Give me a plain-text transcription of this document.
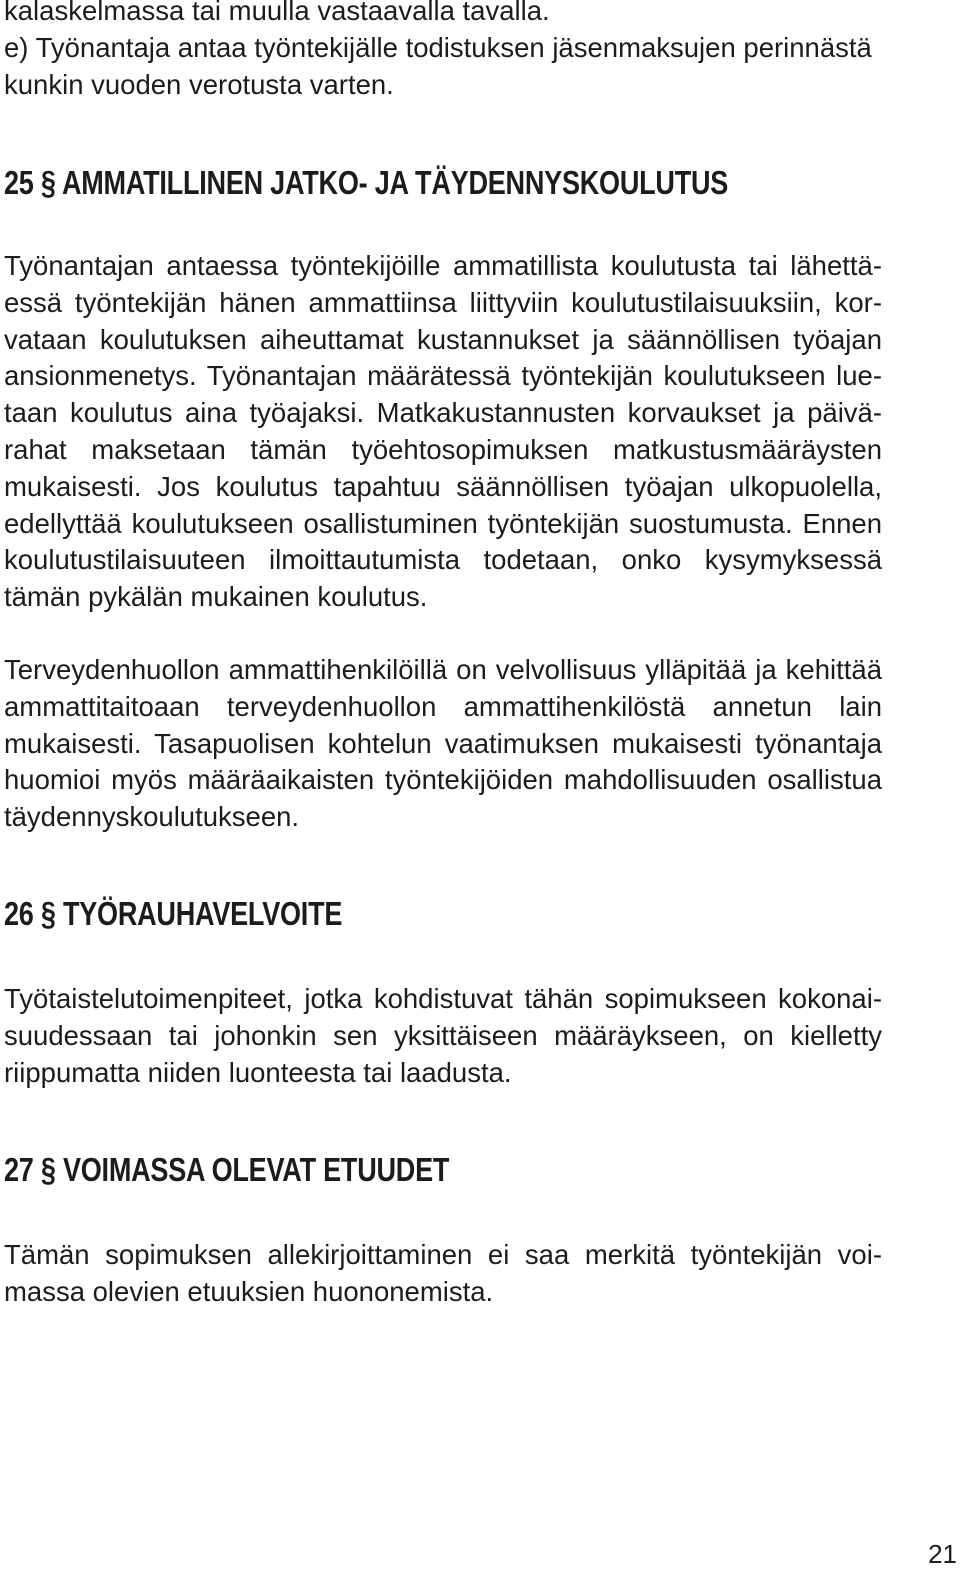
kalaskelmassa tai muulla vastaavalla tavalla.
e) Työnantaja antaa työntekijälle todistuksen jäsenmaksujen perinnästä
kunkin vuoden verotusta varten.
25 § AMMATILLINEN JATKO- JA TÄYDENNYSKOULUTUS
Työnantajan antaessa työntekijöille ammatillista koulutusta tai lähettä-
essä työntekijän hänen ammattiinsa liittyviin koulutustilaisuuksiin, kor-
vataan koulutuksen aiheuttamat kustannukset ja säännöllisen työajan
ansionmenetys. Työnantajan määrätessä työntekijän koulutukseen lue-
taan koulutus aina työajaksi. Matkakustannusten korvaukset ja päivä-
rahat maksetaan tämän työehtosopimuksen matkustusmääräysten
mukaisesti. Jos koulutus tapahtuu säännöllisen työajan ulkopuolella,
edellyttää koulutukseen osallistuminen työntekijän suostumusta. Ennen
koulutustilaisuuteen ilmoittautumista todetaan, onko kysymyksessä
tämän pykälän mukainen koulutus.
Terveydenhuollon ammattihenkilöillä on velvollisuus ylläpitää ja kehittää
ammattitaitoaan terveydenhuollon ammattihenkilöstä annetun lain
mukaisesti. Tasapuolisen kohtelun vaatimuksen mukaisesti työnantaja
huomioi myös määräaikaisten työntekijöiden mahdollisuuden osallistua
täydennyskoulutukseen.
26 § TYÖRAUHAVELVOITE
Työtaistelutoimenpiteet, jotka kohdistuvat tähän sopimukseen kokonai-
suudessaan tai johonkin sen yksittäiseen määräykseen, on kielletty
riippumatta niiden luonteesta tai laadusta.
27 § VOIMASSA OLEVAT ETUUDET
Tämän sopimuksen allekirjoittaminen ei saa merkitä työntekijän voi-
massa olevien etuuksien huononemista.
21
